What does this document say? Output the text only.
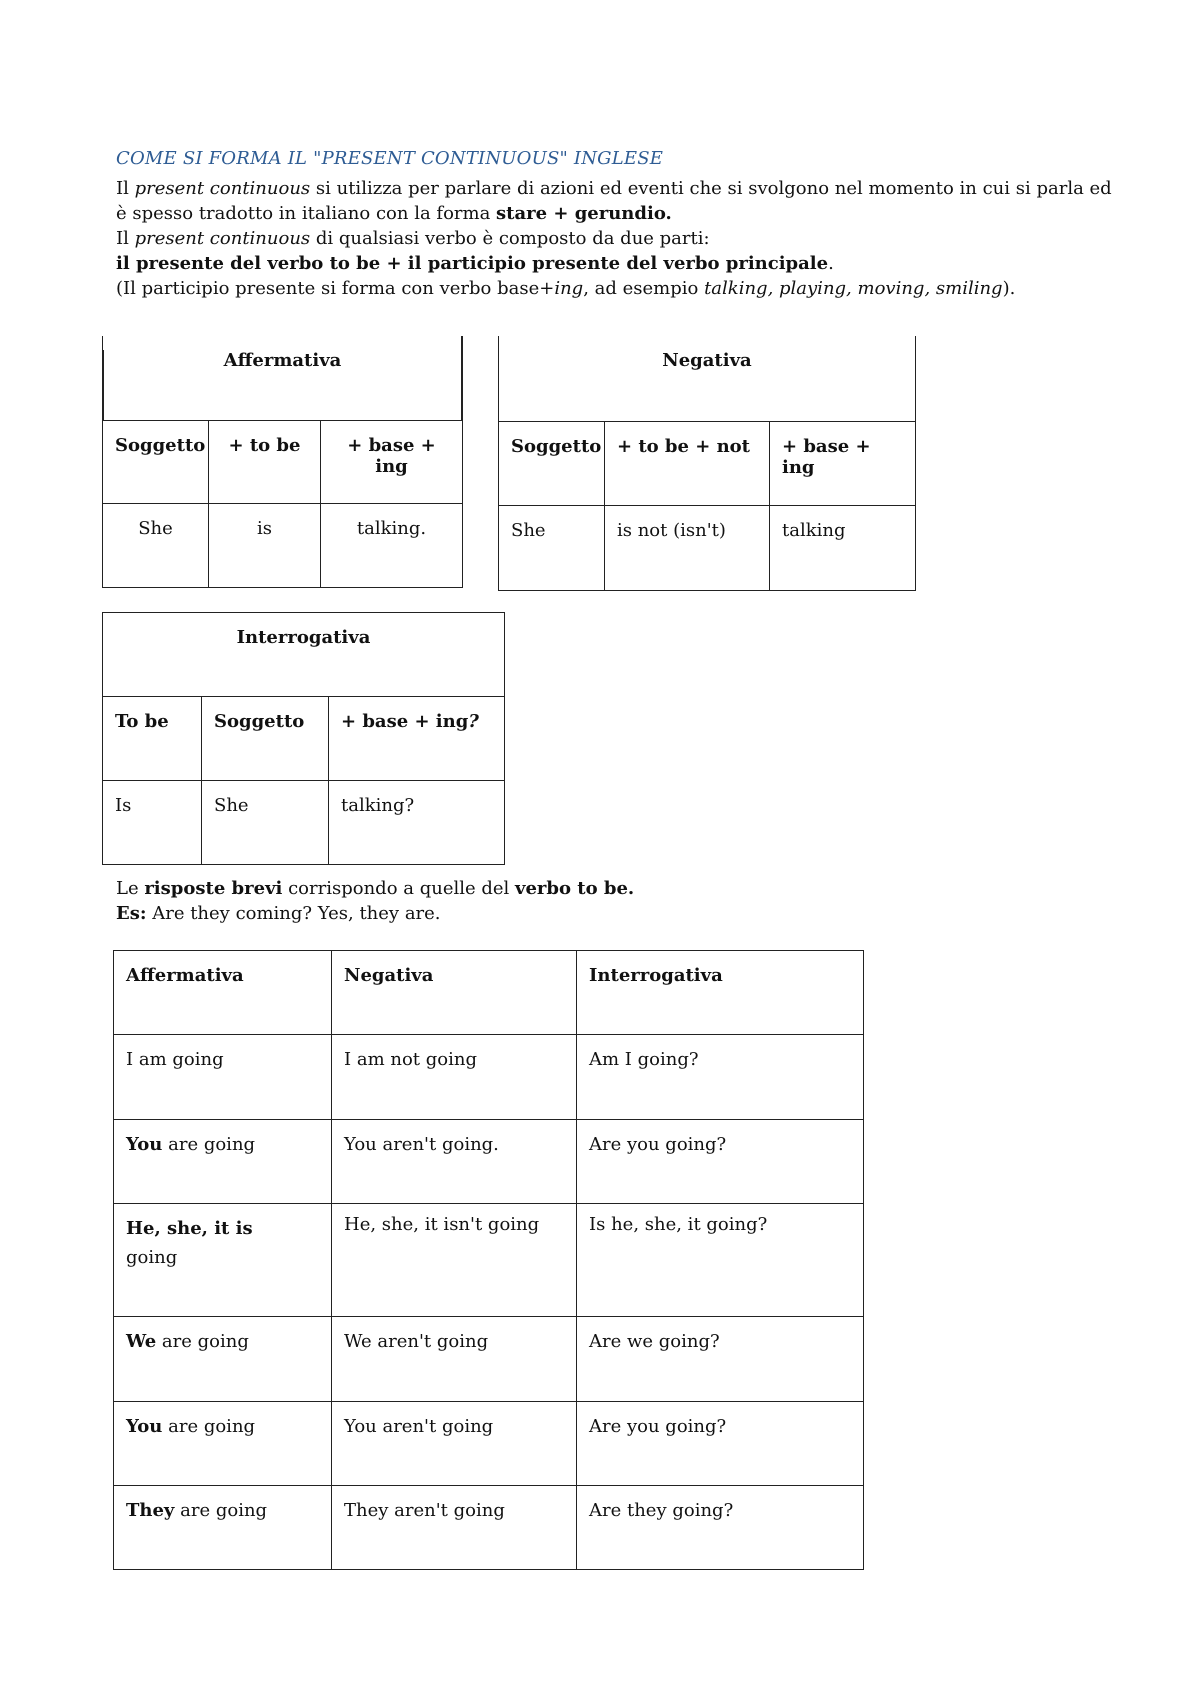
COME SI FORMA IL "PRESENT CONTINUOUS" INGLESE
Il present continuous si utilizza per parlare di azioni ed eventi che si svolgono nel momento in cui si parla ed
è spesso tradotto in italiano con la forma stare + gerundio.
Il present continuous di qualsiasi verbo è composto da due parti:
il presente del verbo to be + il participio presente del verbo principale.
(Il participio presente si forma con verbo base+ing, ad esempio talking, playing, moving, smiling).
Affermativa		
Soggetto	+ to be	+ base + ing
She	is	talking.
Negativa		
Soggetto	+ to be + not	+ base + ing
She	is not (isn't)	talking
Interrogativa		
To be	Soggetto	+ base + ing?
Is	She	talking?
Le risposte brevi corrispondo a quelle del verbo to be.
Es: Are they coming? Yes, they are.
Affermativa	Negativa	Interrogativa
I am going	I am not going	Am I going?
You are going	You aren't going.	Are you going?
He, she, it is
going	He, she, it isn't going	Is he, she, it going?
We are going	We aren't going	Are we going?
You are going	You aren't going	Are you going?
They are going	They aren't going	Are they going?
